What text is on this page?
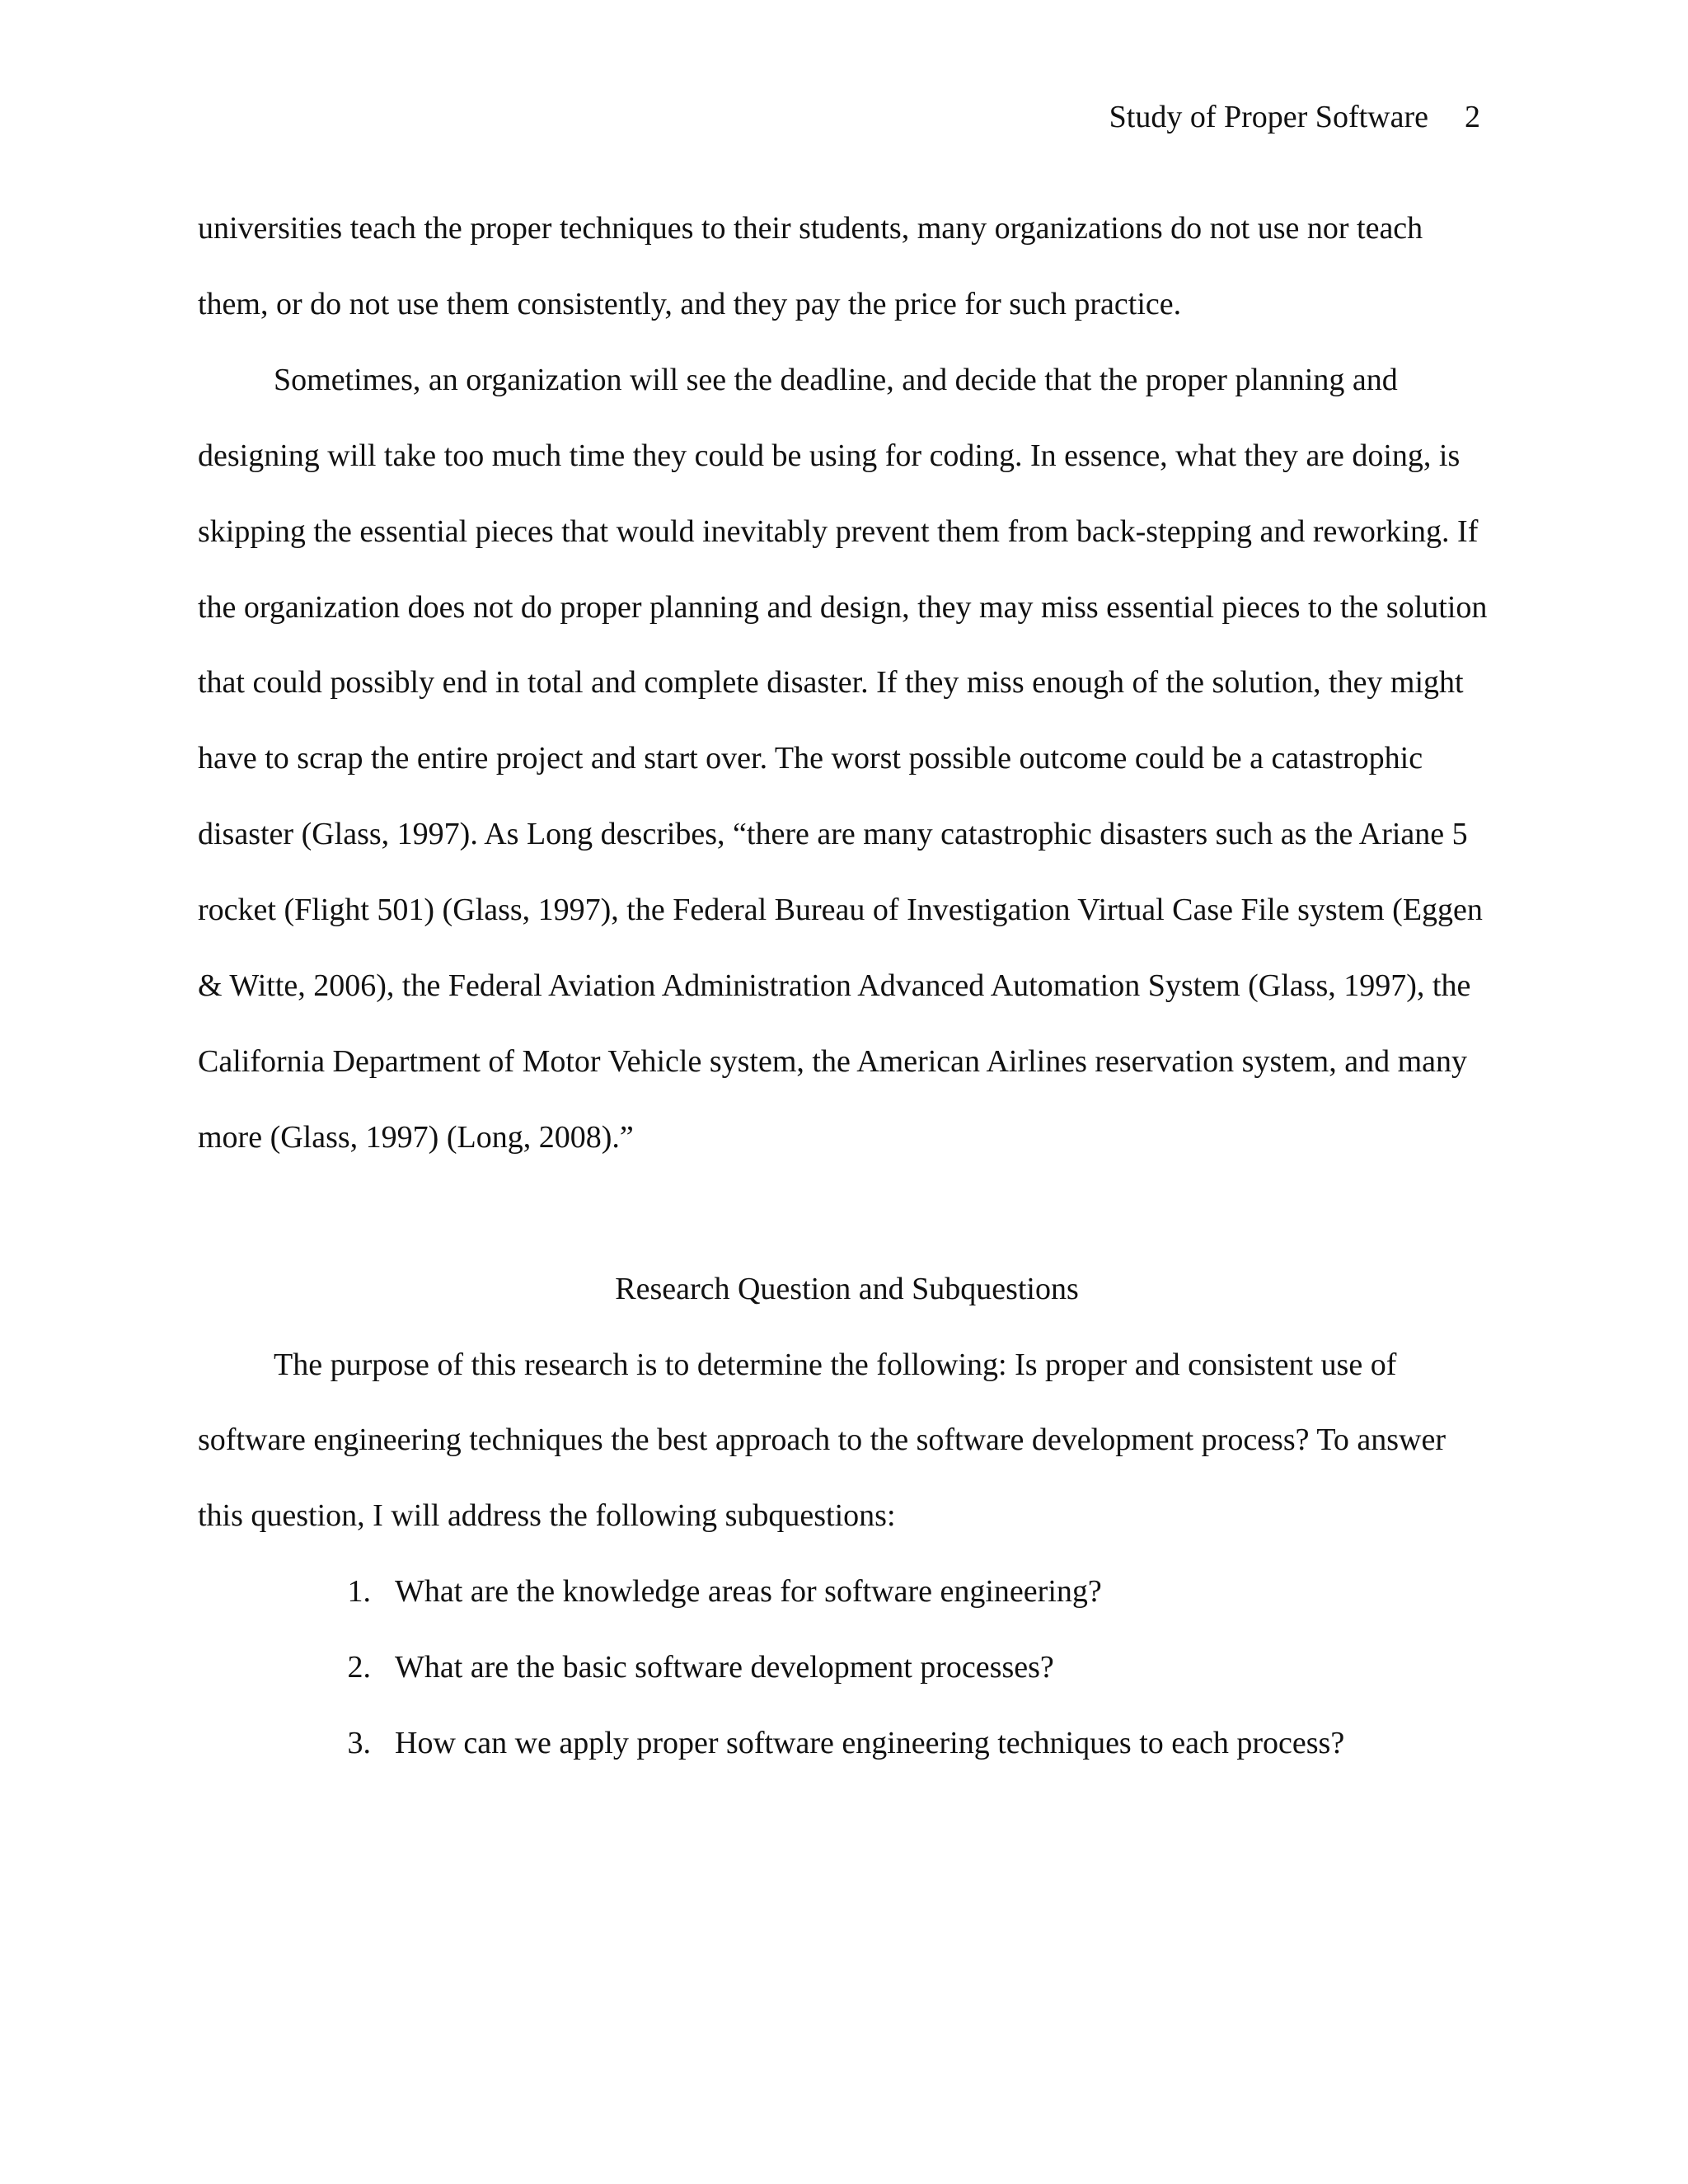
Study of Proper Software 2

universities teach the proper techniques to their students, many organizations do not use nor teach them, or do not use them consistently, and they pay the price for such practice.

Sometimes, an organization will see the deadline, and decide that the proper planning and designing will take too much time they could be using for coding. In essence, what they are doing, is skipping the essential pieces that would inevitably prevent them from back-stepping and reworking. If the organization does not do proper planning and design, they may miss essential pieces to the solution that could possibly end in total and complete disaster. If they miss enough of the solution, they might have to scrap the entire project and start over. The worst possible outcome could be a catastrophic disaster (Glass, 1997). As Long describes, “there are many catastrophic disasters such as the Ariane 5 rocket (Flight 501) (Glass, 1997), the Federal Bureau of Investigation Virtual Case File system (Eggen & Witte, 2006), the Federal Aviation Administration Advanced Automation System (Glass, 1997), the California Department of Motor Vehicle system, the American Airlines reservation system, and many more (Glass, 1997) (Long, 2008).”

Research Question and Subquestions

The purpose of this research is to determine the following: Is proper and consistent use of software engineering techniques the best approach to the software development process? To answer this question, I will address the following subquestions:

1. What are the knowledge areas for software engineering?
2. What are the basic software development processes?
3. How can we apply proper software engineering techniques to each process?
